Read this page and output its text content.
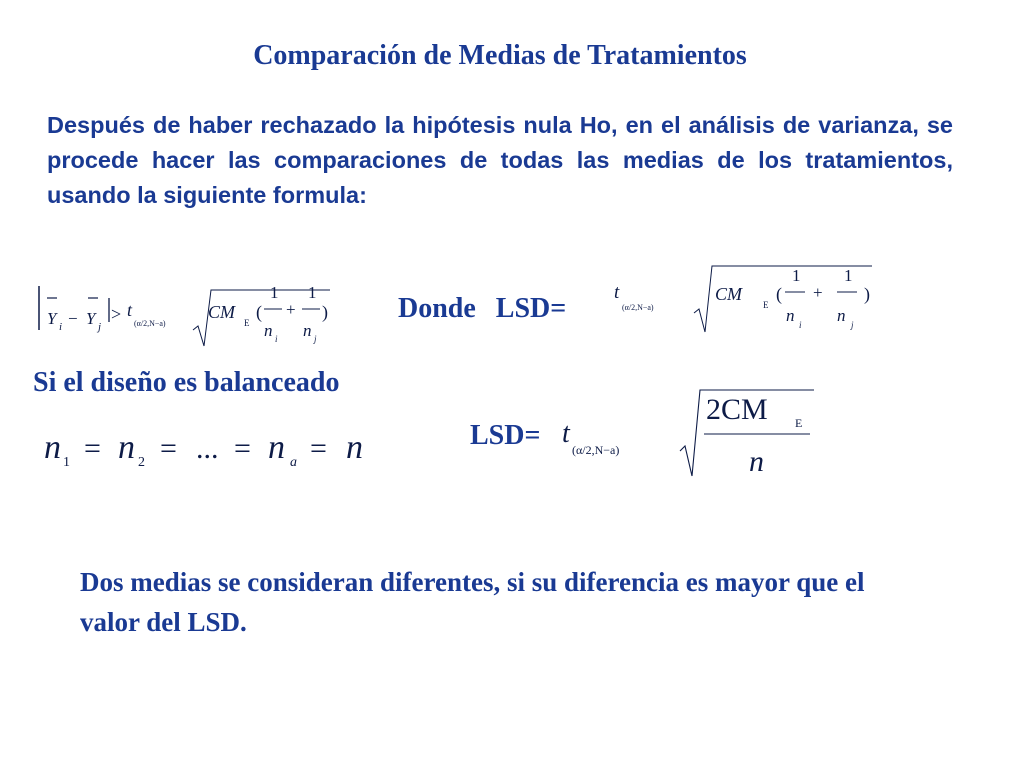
Comparación de Medias de Tratamientos
Después de haber rechazado la hipótesis nula Ho, en el análisis de varianza, se procede hacer las comparaciones de todas las medias de los tratamientos, usando la siguiente formula:
Y i − Y j
> t
(α/2,N−a)
CM
E
(
1
n i
+
1
n j
)	Donde LSD=
t
(α/2,N−a)
CM
E
(
1
n i
+
1
n j
)
Si el diseño es balanceado
n 1 = n 2 = ... = n a = n	LSD= t
(α/2,N−a)
2CM E
n
Dos medias se consideran diferentes, si su diferencia es mayor que el valor del LSD.
